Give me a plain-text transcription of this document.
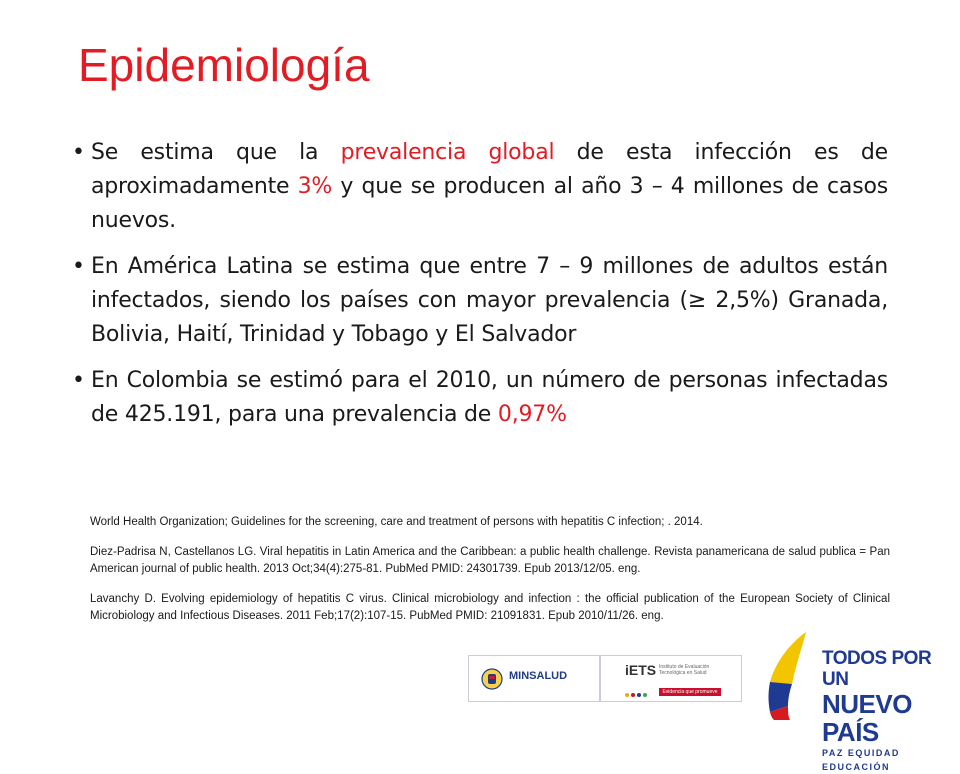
Epidemiología
• Se estima que la prevalencia global de esta infección es de aproximadamente 3% y que se producen al año 3 – 4 millones de casos nuevos.
• En América Latina se estima que entre 7 – 9 millones de adultos están infectados, siendo los países con mayor prevalencia (≥ 2,5%) Granada, Bolivia, Haití, Trinidad y Tobago y El Salvador
• En Colombia se estimó para el 2010, un número de personas infectadas de 425.191, para una prevalencia de 0,97%

World Health Organization; Guidelines for the screening, care and treatment of persons with hepatitis C infection; . 2014.

Diez-Padrisa N, Castellanos LG. Viral hepatitis in Latin America and the Caribbean: a public health challenge. Revista panamericana de salud publica = Pan American journal of public health. 2013 Oct;34(4):275-81. PubMed PMID: 24301739. Epub 2013/12/05. eng.

Lavanchy D. Evolving epidemiology of hepatitis C virus. Clinical microbiology and infection : the official publication of the European Society of Clinical Microbiology and Infectious Diseases. 2011 Feb;17(2):107-15. PubMed PMID: 21091831. Epub 2010/11/26. eng.

MINSALUD	iETS Instituto de Evaluación Tecnológica en Salud
Evidencia que promueve Confianza
TODOS POR UN
NUEVO PAÍS
PAZ EQUIDAD EDUCACIÓN
